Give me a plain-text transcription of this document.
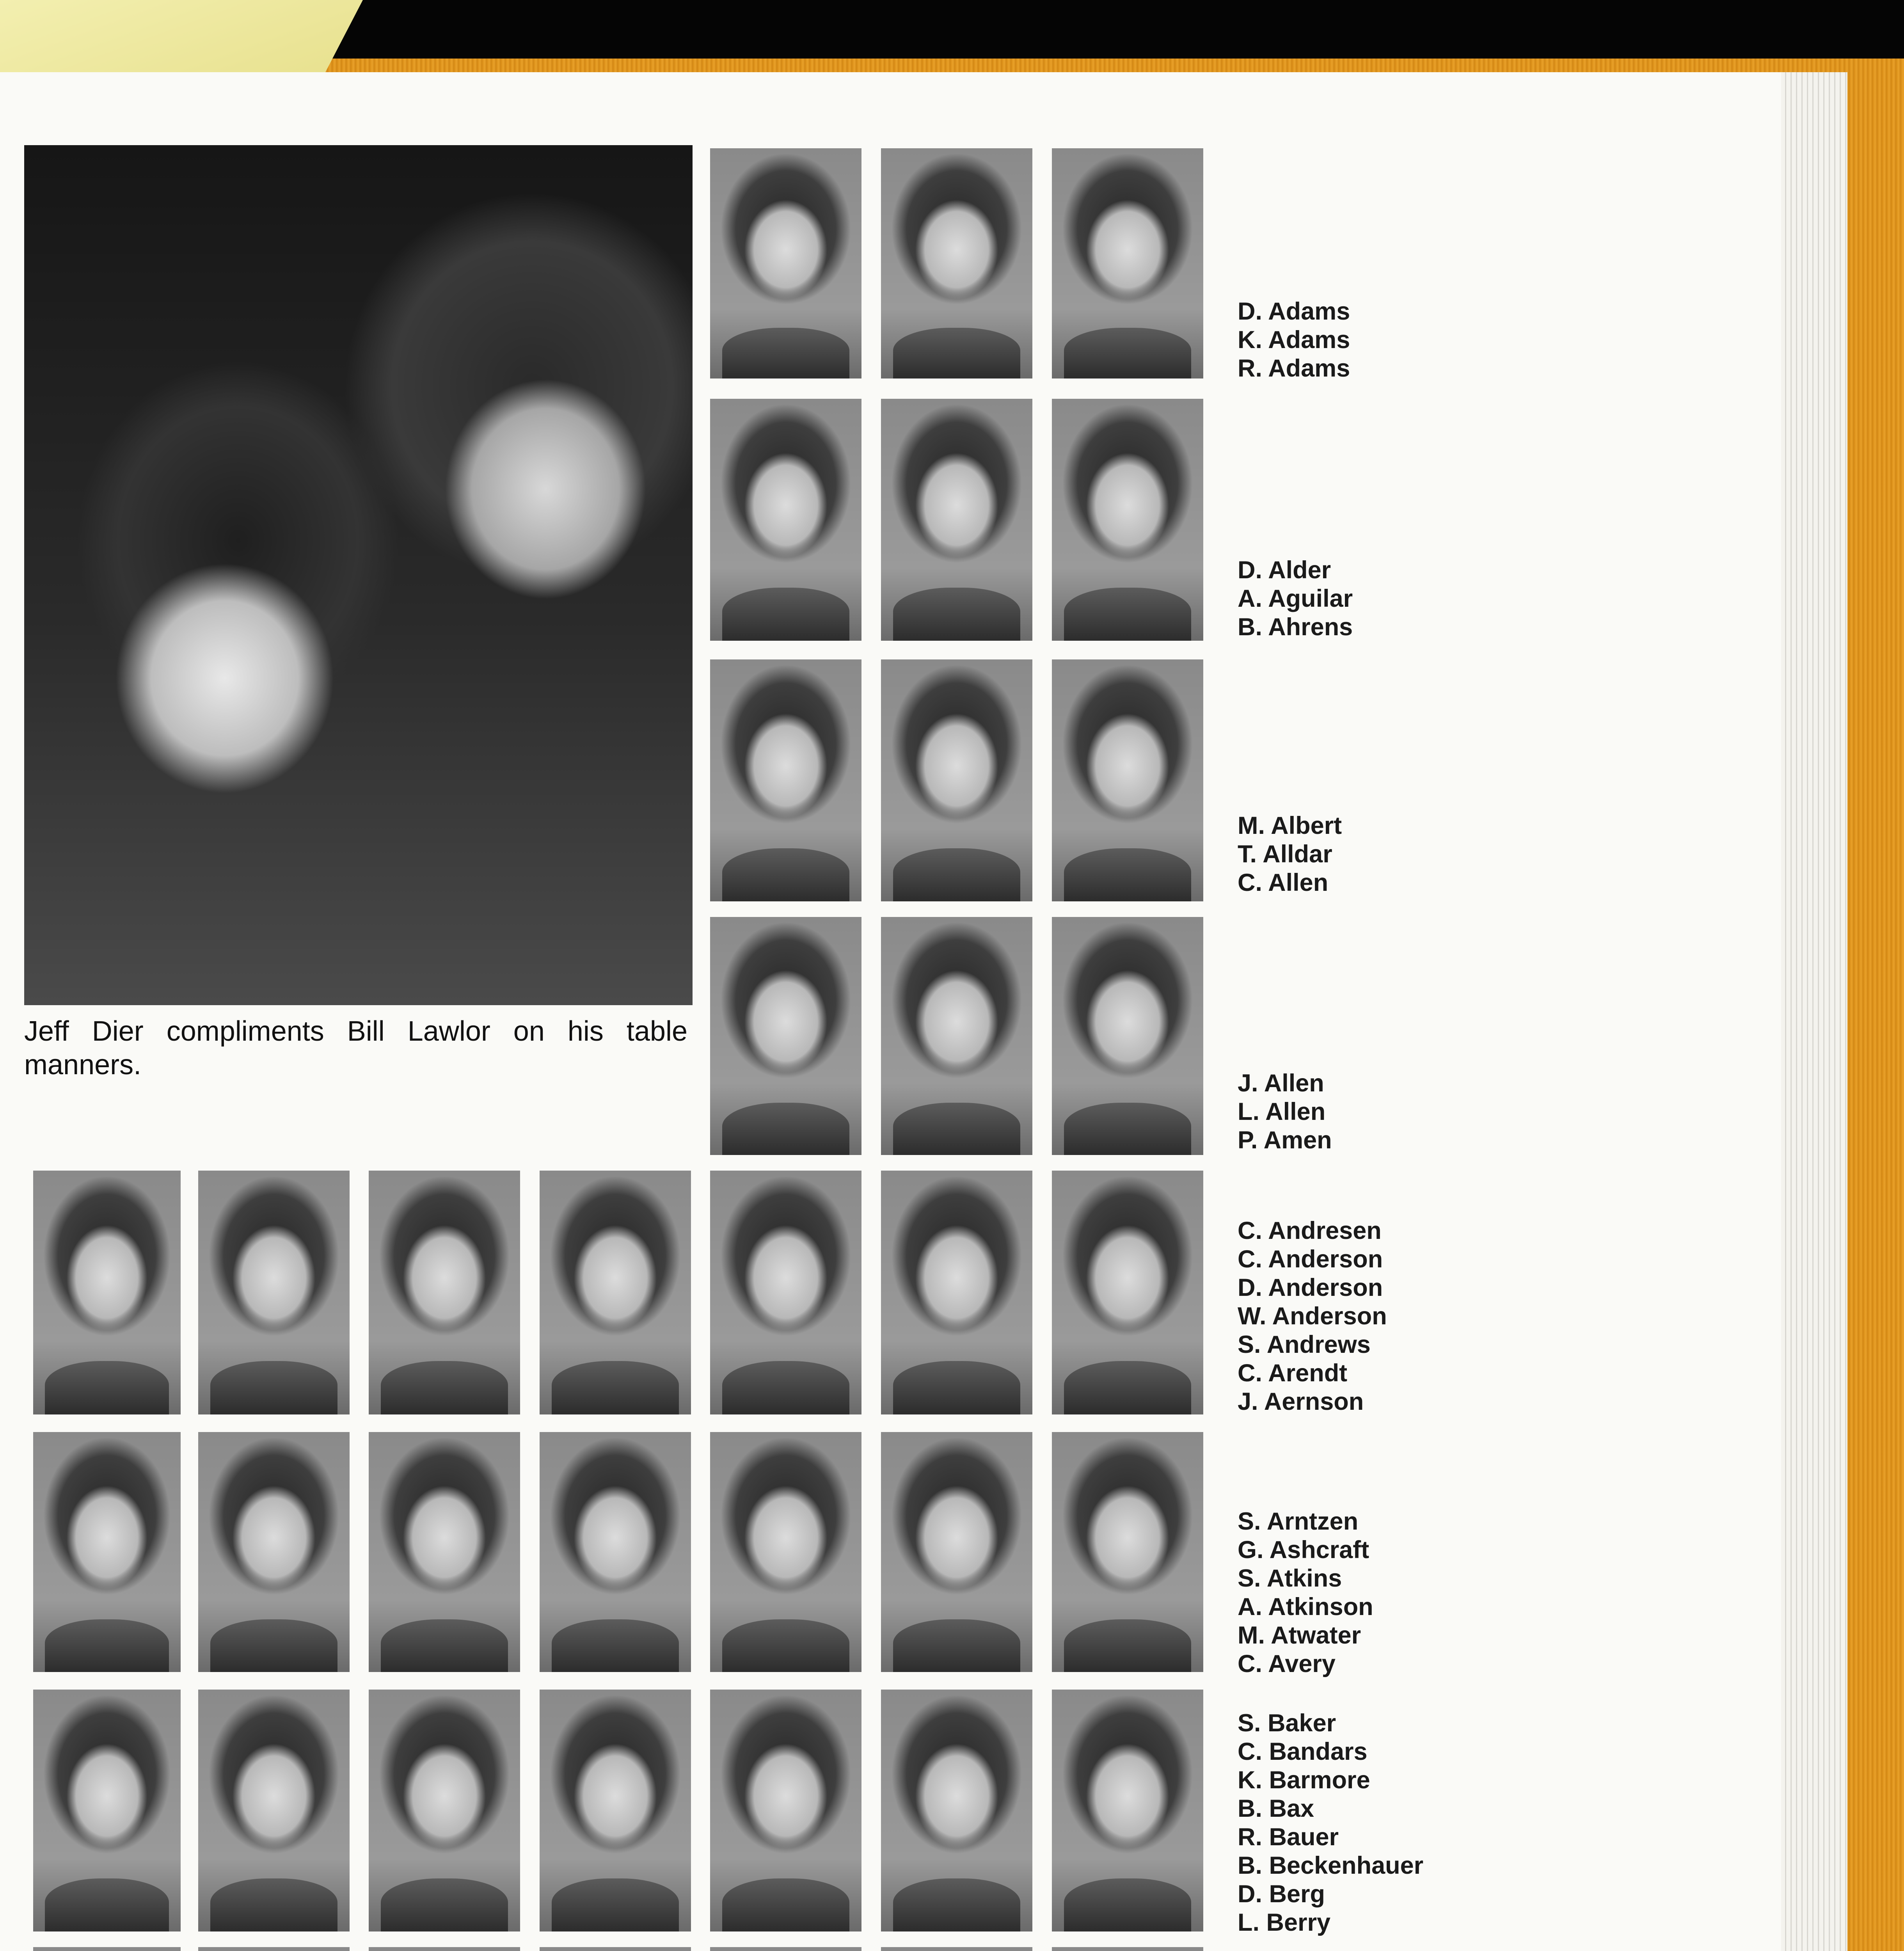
Jeff Dier compliments Bill Lawlor on his table manners.

D. Adams
K. Adams
R. Adams
D. Alder
A. Aguilar
B. Ahrens
M. Albert
T. Alldar
C. Allen
J. Allen
L. Allen
P. Amen
C. Andresen
C. Anderson
D. Anderson
W. Anderson
S. Andrews
C. Arendt
J. Aernson
S. Arntzen
G. Ashcraft
S. Atkins
A. Atkinson
M. Atwater
C. Avery
S. Baker
C. Bandars
K. Barmore
B. Bax
R. Bauer
B. Beckenhauer
D. Berg
L. Berry
